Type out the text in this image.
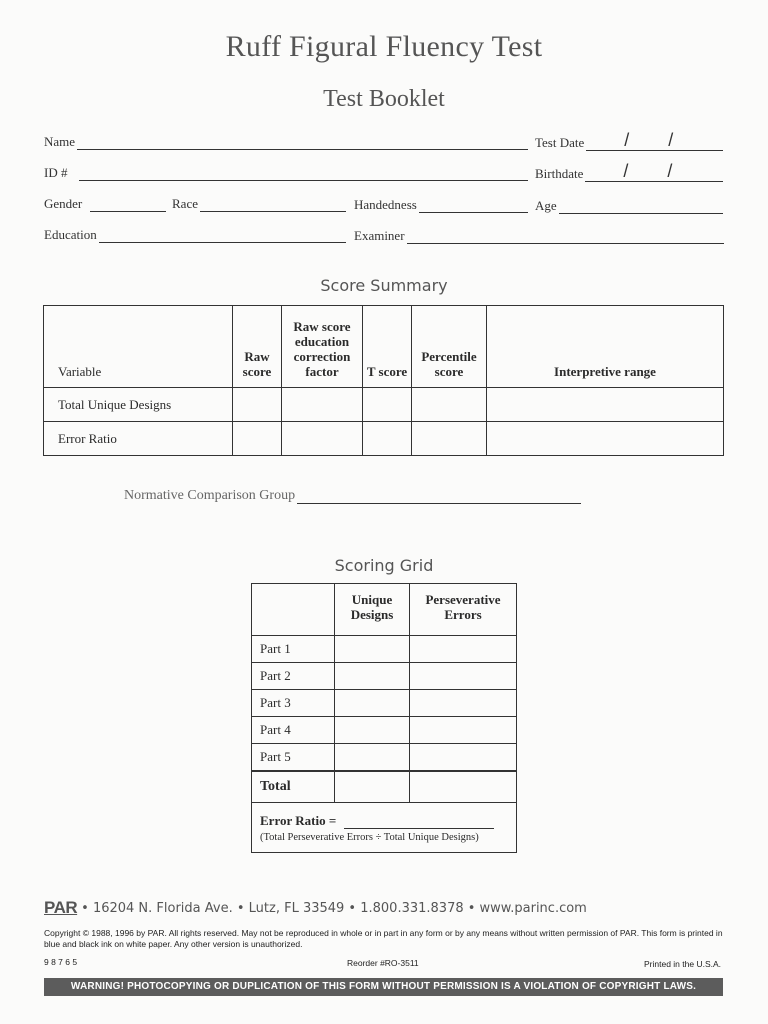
Ruff Figural Fluency Test
Test Booklet
Name	Test Date / /
ID #	Birthdate / /
Gender	Race	Handedness	Age
Education	Examiner
Score Summary
Variable	Raw score	Raw score education correction factor	T score	Percentile score	Interpretive range
Total Unique Designs					
Error Ratio					
Normative Comparison Group
Scoring Grid
	Unique Designs	Perseverative Errors
Part 1		
Part 2		
Part 3		
Part 4		
Part 5		
Total		

Error Ratio =
(Total Perseverative Errors ÷ Total Unique Designs)		
PAR • 16204 N. Florida Ave. • Lutz, FL 33549 • 1.800.331.8378 • www.parinc.com
Copyright © 1988, 1996 by PAR. All rights reserved. May not be reproduced in whole or in part in any form or by any means without written permission of PAR. This form is printed in blue and black ink on white paper. Any other version is unauthorized.
9 8 7 6 5	Reorder #RO-3511	Printed in the U.S.A.
WARNING! PHOTOCOPYING OR DUPLICATION OF THIS FORM WITHOUT PERMISSION IS A VIOLATION OF COPYRIGHT LAWS.
